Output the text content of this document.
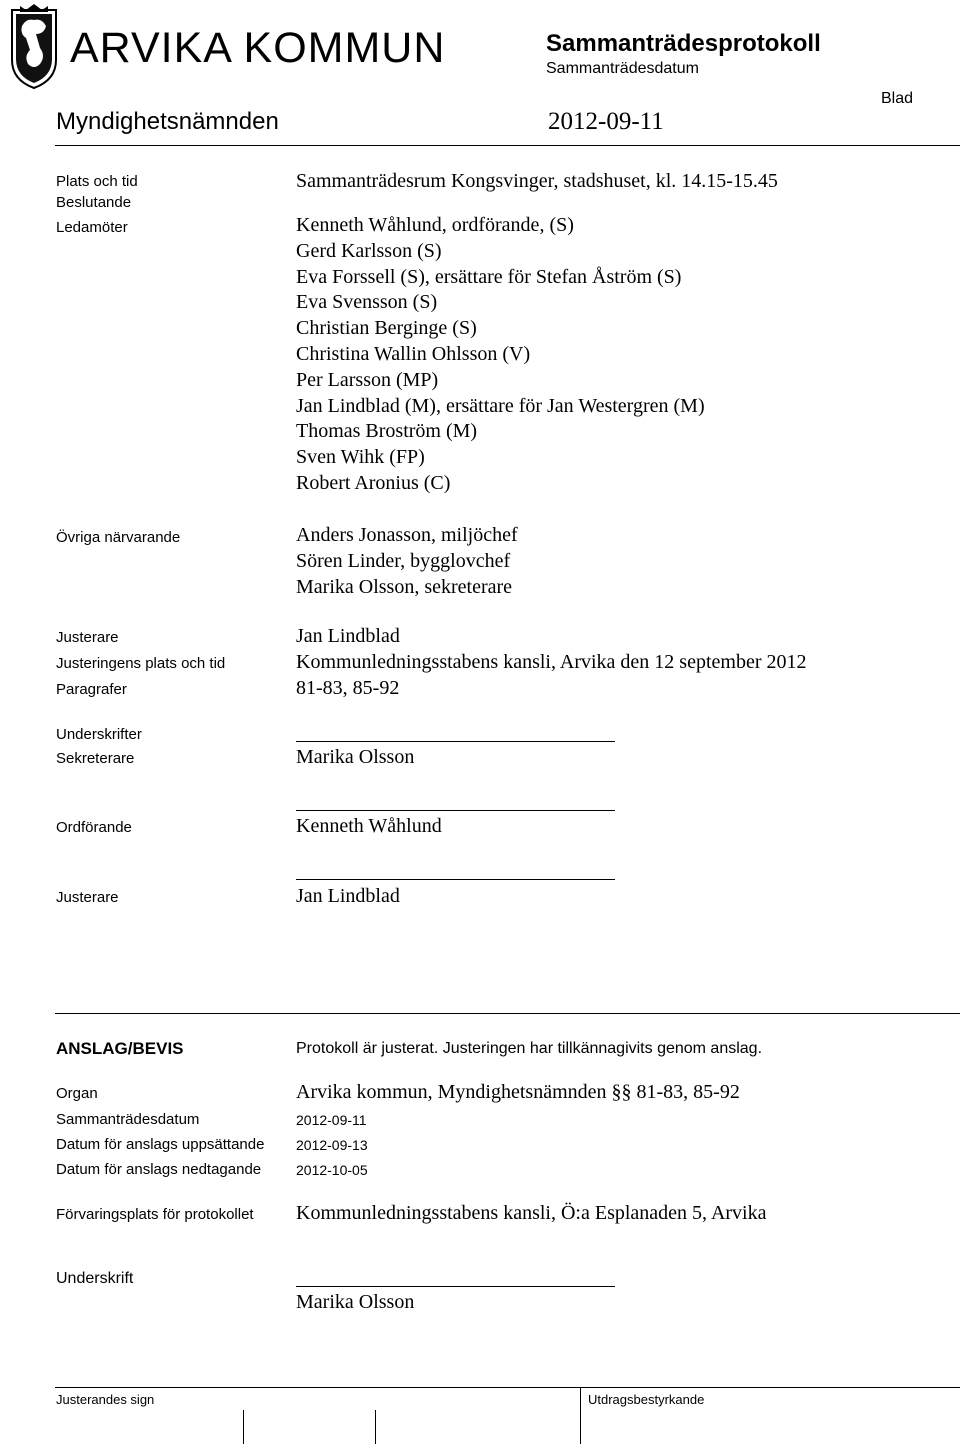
ARVIKA KOMMUN	Sammanträdesprotokoll
Sammanträdesdatum
Blad
Myndighetsnämnden	2012-09-11
Plats och tid	Sammanträdesrum Kongsvinger, stadshuset, kl. 14.15-15.45
Beslutande
Ledamöter	Kenneth Wåhlund, ordförande, (S)
Gerd Karlsson (S)
Eva Forssell (S), ersättare för Stefan Åström (S)
Eva Svensson (S)
Christian Berginge (S)
Christina Wallin Ohlsson (V)
Per Larsson (MP)
Jan Lindblad (M), ersättare för Jan Westergren (M)
Thomas Broström (M)
Sven Wihk (FP)
Robert Aronius (C)
Övriga närvarande	Anders Jonasson, miljöchef
Sören Linder, bygglovchef
Marika Olsson, sekreterare
Justerare	Jan Lindblad
Justeringens plats och tid	Kommunledningsstabens kansli, Arvika den 12 september 2012
Paragrafer	81-83, 85-92
Underskrifter
Sekreterare	Marika Olsson
Ordförande	Kenneth Wåhlund
Justerare	Jan Lindblad
ANSLAG/BEVIS	Protokoll är justerat. Justeringen har tillkännagivits genom anslag.
Organ	Arvika kommun, Myndighetsnämnden §§ 81-83, 85-92
Sammanträdesdatum	2012-09-11
Datum för anslags uppsättande 2012-09-13
Datum för anslags nedtagande 2012-10-05
Förvaringsplats för protokollet Kommunledningsstabens kansli, Ö:a Esplanaden 5, Arvika
Underskrift
Marika Olsson
Justerandes sign	Utdragsbestyrkande
